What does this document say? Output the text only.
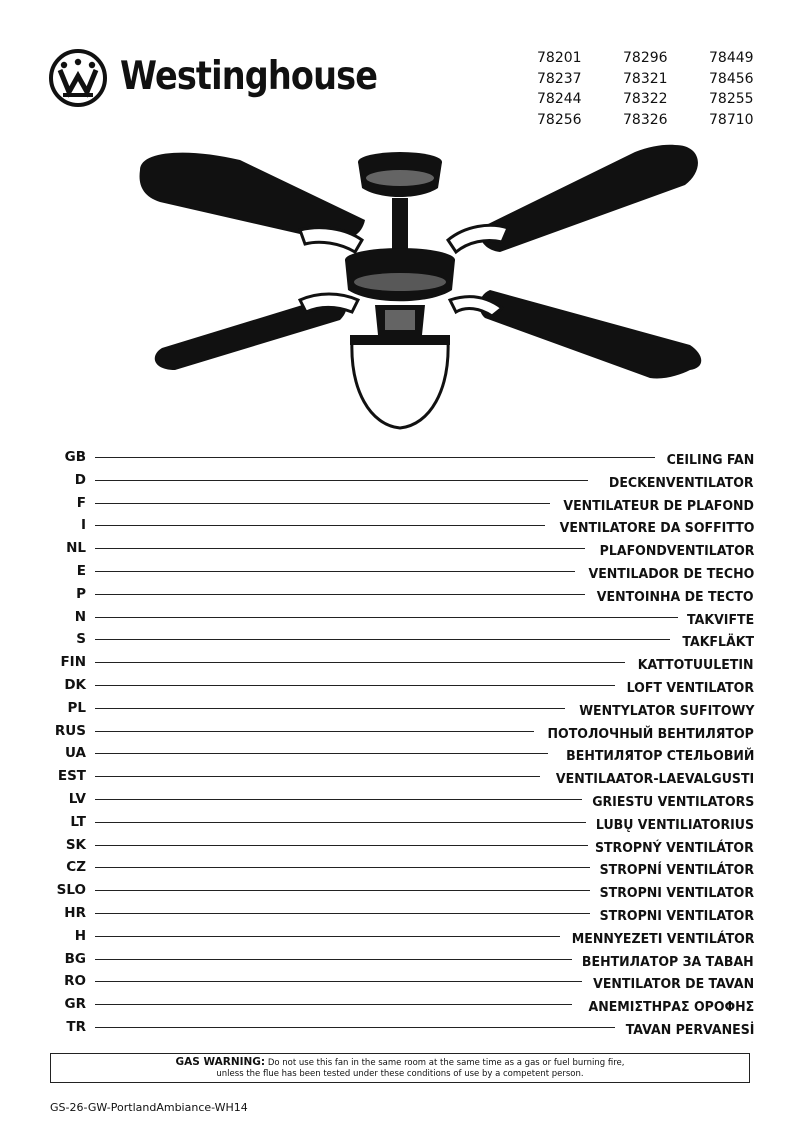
Westinghouse	78201	78296	78449
78237	78321	78456
78244	78322	78255
78256	78326	78710
GB	CEILING FAN
D	DECKENVENTILATOR
F	VENTILATEUR DE PLAFOND
I	VENTILATORE DA SOFFITTO
NL	PLAFONDVENTILATOR
E	VENTILADOR DE TECHO
P	VENTOINHA DE TECTO
N	TAKVIFTE
S	TAKFLÄKT
FIN	KATTOTUULETIN
DK	LOFT VENTILATOR
PL	WENTYLATOR SUFITOWY
RUS	ПОТОЛОЧНЫЙ ВЕНТИЛЯТОР
UA	ВЕНТИЛЯТОР СТЕЛЬОВИЙ
EST	VENTILAATOR-LAEVALGUSTI
LV	GRIESTU VENTILATORS
LT	LUBŲ VENTILIATORIUS
SK	STROPNÝ VENTILÁTOR
CZ	STROPNÍ VENTILÁTOR
SLO	STROPNI VENTILATOR
HR	STROPNI VENTILATOR
H	MENNYEZETI VENTILÁTOR
BG	ВЕНТИЛАТОР ЗА ТАВАН
RO	VENTILATOR DE TAVAN
GR	ΑΝΕΜΙΣΤΗΡΑΣ ΟΡΟΦΗΣ
TR	TAVAN PERVANESİ
GAS WARNING: Do not use this fan in the same room at the same time as a gas or fuel burning fire,
unless the flue has been tested under these conditions of use by a competent person.
GS-26-GW-PortlandAmbiance-WH14
